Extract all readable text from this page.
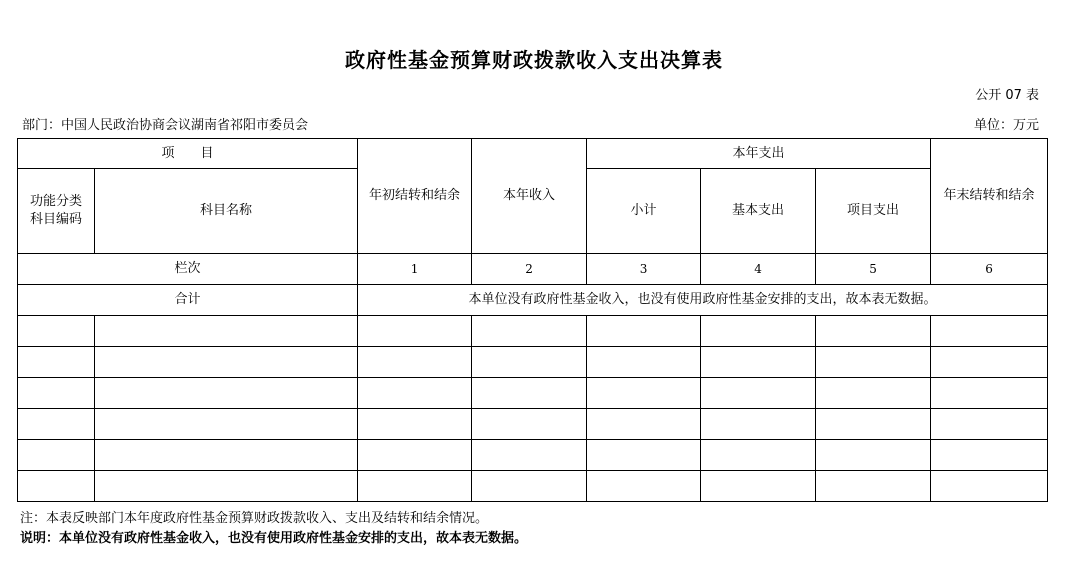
政府性基金预算财政拨款收入支出决算表
公开 07 表
部门：中国人民政治协商会议湖南省祁阳市委员会	单位：万元
项　　目		年初结转和结余	本年收入	本年支出			年末结转和结余
功能分类
科目编码	科目名称			小计	基本支出	项目支出	
栏次		1	2	3	4	5	6
合计		本单位没有政府性基金收入，也没有使用政府性基金安排的支出，故本表无数据。					

注：本表反映部门本年度政府性基金预算财政拨款收入、支出及结转和结余情况。
说明：本单位没有政府性基金收入，也没有使用政府性基金安排的支出，故本表无数据。
